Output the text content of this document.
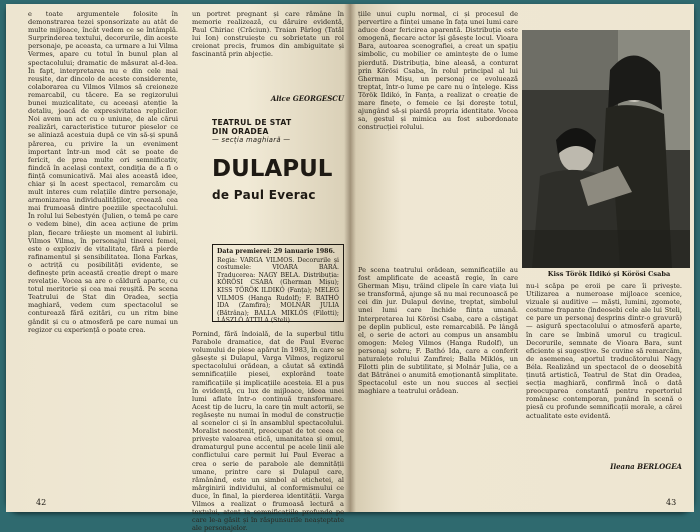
e toate argumentele folosite în demonstrarea tezei sponsorizate au atât de multe mijloace, încât vedem ce se întâmplă. Surprinderea textului, decorurile, din aceste personaje, pe aceasta, ca urmare a lui Vilma Vermes, apare cu totul în bunul plan al spectacolului; dramatic de măsurat al-d-lea. În fapt, interpretarea nu e din cele mai reușite, dar dincolo de aceste considerente, colaborarea cu Vilmos Vilmos să creioneze remarcabil, cu tăcere. Ea se regizorului bunei muzicalitate, cu aceeași atenție la detaliu, joacă de expresivitatea replicilor. Noi avem un act cu o uniune, de ale cărui realizări, caracteristice tuturor pieselor ce se aliniază acestuia după ce vin să-și spună părerea, cu privire la un eveniment important într-un mod cât se poate de fericit, de prea multe ori semnificativ, fiindcă în același context, condiția de a fi o ființă comunicativă. Mai ales această idee, chiar și în acest spectacol, remarcăm cu mult interes cum relațiile dintre personaje, armonizarea individualităților, creează cea mai frumoasă dintre poeziile spectacolului. În rolul lui Sebestyén (Julien, o temă pe care o vedem bine), din acea acțiune de prim plan, fiecare trăiește un moment al iubirii. Vilmos Vilma, în personajul tinerei femei, este o exploziv de vitalitate, fără a pierde rafinamentul și sensibilitatea. Ilona Farkas, o actriță cu posibilități evidente, se definește prin această creație drept o mare revelație. Vocea sa are o căldură aparte, cu totul meritorie și cea mai reușită. Pe scena Teatrului de Stat din Oradea, secția maghiară, vedem cum spectacolul se conturează fără ezitări, cu un ritm bine gândit și cu o atmosferă pe care numai un regizor cu experiență o poate crea.

un portret pregnant și care rămâne în memorie realizează, cu dăruire evidentă, Paul Chiriac (Crăciun). Traian Pârlog (Tatăl lui Ion) construiește cu sobrietate un rol creionat precis, frumos din ambiguitate și fascinantă prin abjecție.

Alice GEORGESCU
TEATRUL DE STAT
DIN ORADEA
— secția maghiară —
DULAPUL
de Paul Everac
Data premierei: 29 ianuarie 1986.
Regia: VARGA VILMOS. Decorurile și costumele: VIOARA BARA. Traducerea: NAGY BELA. Distribuția: KÖRÖSI CSABA (Gherman Mișu); KISS TÖRÖK ILDIKÓ (Fanța); MELEG VILMOS (Hanga Rudolf); F. BATHÓ IDA (Zamfira); MOLNÁR JULIA (Bătrâna); BALLA MIKLÓS (Filotti); LÁSZLÓ ATTILA (Steli).

Pornind, fără îndoială, de la superbul titlu Parabole dramatice, dat de Paul Everac volumului de piese apărut în 1983, în care se găsește și Dulapul, Varga Vilmos, regizorul spectacolului orădean, a căutat să extindă semnificațiile piesei, explorând toate ramificațiile și implicațiile acesteia. El a pus în evidență, cu lux de mijloace, ideea unei lumi aflate într-o continuă transformare. Acest tip de lucru, la care țin mult actorii, se regăsește nu numai în modul de construcție al scenelor ci și în ansamblul spectacolului. Moralist neostenit, preocupat de tot ceea ce privește valoarea etică, umanitatea și omul, dramaturgul pune accentul pe acele linii ale conflictului care permit lui Paul Everac a crea o serie de parabole ale demnității umane, printre care și Dulapul care, rămânând, este un simbol al etichetei, al mărginirii individului, al conformismului ce duce, în final, la pierderea identității. Varga Vilmos a realizat o frumoasă lectură a textului, atent la semnificațiile profunde pe care le-a găsit și în răspunsurile neașteptate ale personajelor.

42

țiile unui cuplu normal, ci și procesul de pervertire a ființei umane în fața unei lumi care aduce doar fericirea aparentă. Distribuția este omogenă, fiecare actor își găsește locul. Vioara Bara, autoarea scenografiei, a creat un spațiu simbolic, cu mobilier ce amintește de o lume pierdută. Distribuția, bine aleasă, a conturat prin Körösi Csaba, în rolul principal al lui Gherman Mișu, un personaj ce evoluează treptat, într-o lume pe care nu o înțelege. Kiss Török Ildikó, în Fanța, a realizat o creație de mare finețe, o femeie ce își dorește totul, ajungând să-și piardă propria identitate. Vocea sa, gestul și mimica au fost subordonate construcției rolului.

Kiss Török Ildikó și Körösi Csaba

Pe scena teatrului orădean, semnificațiile au fost amplificate de această regie, în care Gherman Mișu, trăind clipele în care viața lui se transformă, ajunge să nu mai recunoască pe cei din jur. Dulapul devine, treptat, simbolul unei lumi care închide ființa umană. Interpretarea lui Körösi Csaba, care a câștigat pe deplin publicul, este remarcabilă. Pe lângă el, o serie de actori au compus un ansamblu omogen: Meleg Vilmos (Hanga Rudolf), un personaj sobru; F. Bathó Ida, care a conferit naturalețe rolului Zamfirei; Balla Miklós, un Filotti plin de subtilitate, și Molnár Julia, ce a dat Bătrânei o anumită emoționantă simplitate. Spectacolul este un nou succes al secției maghiare a teatrului orădean.

nu-i scăpa pe eroii pe care îi privește. Utilizarea a numeroase mijloace scenice, vizuale și auditive — măști, lumini, zgomote, costume frapante (îndeosebi cele ale lui Steli, ce pare un personaj desprins dintr-o gravură) — asigură spectacolului o atmosferă aparte, în care se îmbină umorul cu tragicul. Decorurile, semnate de Vioara Bara, sunt eficiente și sugestive. Se cuvine să remarcăm, de asemenea, aportul traducătorului Nagy Béla. Realizând un spectacol de o deosebită ținută artistică, Teatrul de Stat din Oradea, secția maghiară, confirmă încă o dată preocuparea constantă pentru repertoriul românesc contemporan, punând în scenă o piesă cu profunde semnificații morale, a cărei actualitate este evidentă.

Ileana BERLOGEA
43
